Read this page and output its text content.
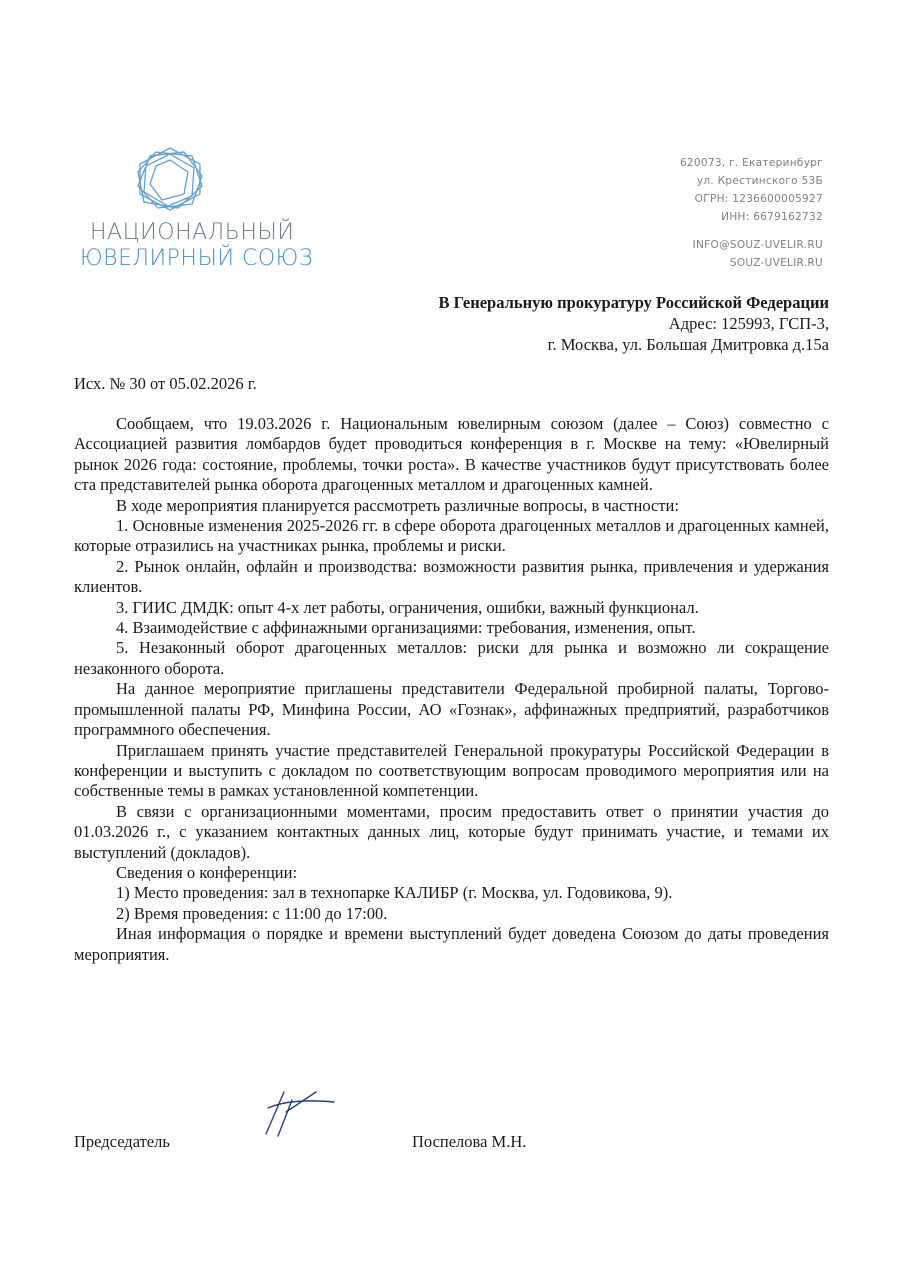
НАЦИОНАЛЬНЫЙ
ЮВЕЛИРНЫЙ СОЮЗ
620073, г. Екатеринбург
ул. Крестинского 53Б
ОГРН: 1236600005927
ИНН: 6679162732
INFO@SOUZ-UVELIR.RU
SOUZ-UVELIR.RU
В Генеральную прокуратуру Российской Федерации
Адрес: 125993, ГСП-3,
г. Москва, ул. Большая Дмитровка д.15а
Исх. № 30 от 05.02.2026 г.

Сообщаем, что 19.03.2026 г. Национальным ювелирным союзом (далее – Союз) совместно с Ассоциацией развития ломбардов будет проводиться конференция в г. Москве на тему: «Ювелирный рынок 2026 года: состояние, проблемы, точки роста». В качестве участников будут присутствовать более ста представителей рынка оборота драгоценных металлом и драгоценных камней.

В ходе мероприятия планируется рассмотреть различные вопросы, в частности:

1. Основные изменения 2025-2026 гг. в сфере оборота драгоценных металлов и драгоценных камней, которые отразились на участниках рынка, проблемы и риски.

2. Рынок онлайн, офлайн и производства: возможности развития рынка, привлечения и удержания клиентов.

3. ГИИС ДМДК: опыт 4-х лет работы, ограничения, ошибки, важный функционал.

4. Взаимодействие с аффинажными организациями: требования, изменения, опыт.

5. Незаконный оборот драгоценных металлов: риски для рынка и возможно ли сокращение незаконного оборота.

На данное мероприятие приглашены представители Федеральной пробирной палаты, Торгово-промышленной палаты РФ, Минфина России, АО «Гознак», аффинажных предприятий, разработчиков программного обеспечения.

Приглашаем принять участие представителей Генеральной прокуратуры Российской Федерации в конференции и выступить с докладом по соответствующим вопросам проводимого мероприятия или на собственные темы в рамках установленной компетенции.

В связи с организационными моментами, просим предоставить ответ о принятии участия до 01.03.2026 г., с указанием контактных данных лиц, которые будут принимать участие, и темами их выступлений (докладов).

Сведения о конференции:

1) Место проведения: зал в технопарке КАЛИБР (г. Москва, ул. Годовикова, 9).

2) Время проведения: с 11:00 до 17:00.

Иная информация о порядке и времени выступлений будет доведена Союзом до даты проведения мероприятия.

Председатель	Поспелова М.Н.
